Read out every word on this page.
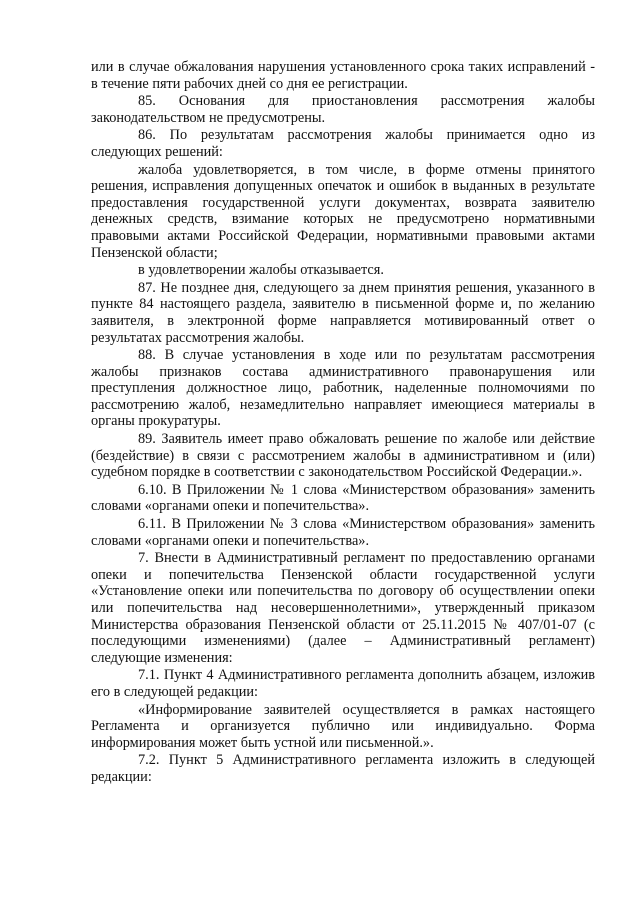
или в случае обжалования нарушения установленного срока таких исправлений - в течение пяти рабочих дней со дня ее регистрации.

85. Основания для приостановления рассмотрения жалобы законодательством не предусмотрены.

86. По результатам рассмотрения жалобы принимается одно из следующих решений:

жалоба удовлетворяется, в том числе, в форме отмены принятого решения, исправления допущенных опечаток и ошибок в выданных в результате предоставления государственной услуги документах, возврата заявителю денежных средств, взимание которых не предусмотрено нормативными правовыми актами Российской Федерации, нормативными правовыми актами Пензенской области;

в удовлетворении жалобы отказывается.

87. Не позднее дня, следующего за днем принятия решения, указанного в пункте 84 настоящего раздела, заявителю в письменной форме и, по желанию заявителя, в электронной форме направляется мотивированный ответ о результатах рассмотрения жалобы.

88. В случае установления в ходе или по результатам рассмотрения жалобы признаков состава административного правонарушения или преступления должностное лицо, работник, наделенные полномочиями по рассмотрению жалоб, незамедлительно направляет имеющиеся материалы в органы прокуратуры.

89. Заявитель имеет право обжаловать решение по жалобе или действие (бездействие) в связи с рассмотрением жалобы в административном и (или) судебном порядке в соответствии с законодательством Российской Федерации.».

6.10. В Приложении № 1 слова «Министерством образования» заменить словами «органами опеки и попечительства».

6.11. В Приложении № 3 слова «Министерством образования» заменить словами «органами опеки и попечительства».

7. Внести в Административный регламент по предоставлению органами опеки и попечительства Пензенской области государственной услуги «Установление опеки или попечительства по договору об осуществлении опеки или попечительства над несовершеннолетними», утвержденный приказом Министерства образования Пензенской области от 25.11.2015 № 407/01-07 (с последующими изменениями) (далее – Административный регламент) следующие изменения:

7.1. Пункт 4 Административного регламента дополнить абзацем, изложив его в следующей редакции:

«Информирование заявителей осуществляется в рамках настоящего Регламента и организуется публично или индивидуально. Форма информирования может быть устной или письменной.».

7.2. Пункт 5 Административного регламента изложить в следующей редакции:
